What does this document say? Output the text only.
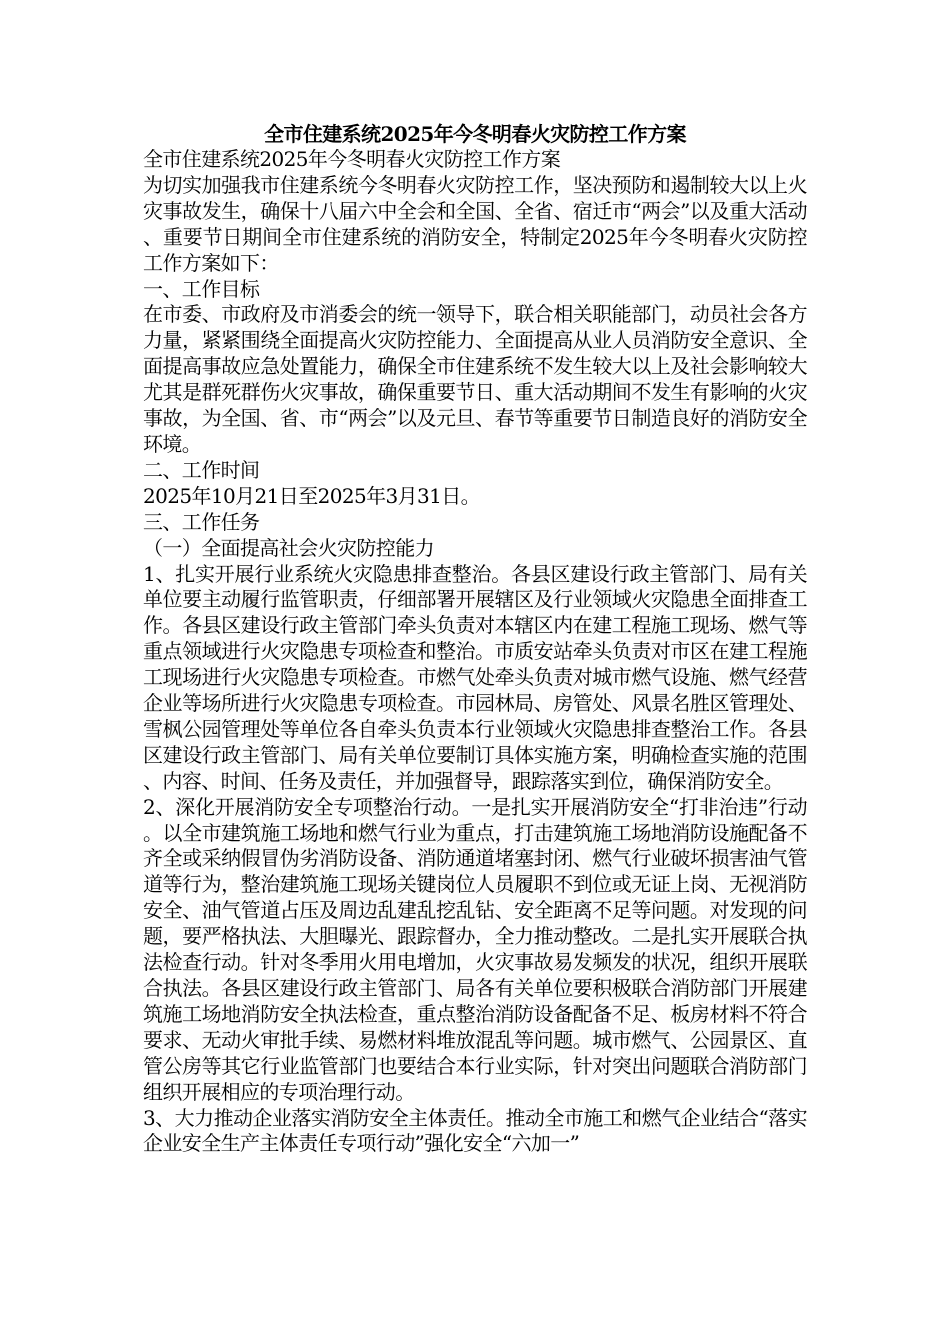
全市住建系统2025年今冬明春火灾防控工作方案

全市住建系统2025年今冬明春火灾防控工作方案

为切实加强我市住建系统今冬明春火灾防控工作，坚决预防和遏制较大以上火灾事故发生，确保十八届六中全会和全国、全省、宿迁市“两会”以及重大活动、重要节日期间全市住建系统的消防安全，特制定2025年今冬明春火灾防控工作方案如下：

一、工作目标

在市委、市政府及市消委会的统一领导下，联合相关职能部门，动员社会各方力量，紧紧围绕全面提高火灾防控能力、全面提高从业人员消防安全意识、全面提高事故应急处置能力，确保全市住建系统不发生较大以上及社会影响较大尤其是群死群伤火灾事故，确保重要节日、重大活动期间不发生有影响的火灾事故，为全国、省、市“两会”以及元旦、春节等重要节日制造良好的消防安全环境。

二、工作时间

2025年10月21日至2025年3月31日。

三、工作任务

（一）全面提高社会火灾防控能力

1、扎实开展行业系统火灾隐患排查整治。各县区建设行政主管部门、局有关单位要主动履行监管职责，仔细部署开展辖区及行业领域火灾隐患全面排查工作。各县区建设行政主管部门牵头负责对本辖区内在建工程施工现场、燃气等重点领域进行火灾隐患专项检查和整治。市质安站牵头负责对市区在建工程施工现场进行火灾隐患专项检查。市燃气处牵头负责对城市燃气设施、燃气经营企业等场所进行火灾隐患专项检查。市园林局、房管处、风景名胜区管理处、雪枫公园管理处等单位各自牵头负责本行业领域火灾隐患排查整治工作。各县区建设行政主管部门、局有关单位要制订具体实施方案，明确检查实施的范围、内容、时间、任务及责任，并加强督导，跟踪落实到位，确保消防安全。

2、深化开展消防安全专项整治行动。一是扎实开展消防安全“打非治违”行动。以全市建筑施工场地和燃气行业为重点，打击建筑施工场地消防设施配备不齐全或采纳假冒伪劣消防设备、消防通道堵塞封闭、燃气行业破坏损害油气管道等行为，整治建筑施工现场关键岗位人员履职不到位或无证上岗、无视消防安全、油气管道占压及周边乱建乱挖乱钻、安全距离不足等问题。对发现的问题，要严格执法、大胆曝光、跟踪督办，全力推动整改。二是扎实开展联合执法检查行动。针对冬季用火用电增加，火灾事故易发频发的状况，组织开展联合执法。各县区建设行政主管部门、局各有关单位要积极联合消防部门开展建筑施工场地消防安全执法检查，重点整治消防设备配备不足、板房材料不符合要求、无动火审批手续、易燃材料堆放混乱等问题。城市燃气、公园景区、直管公房等其它行业监管部门也要结合本行业实际，针对突出问题联合消防部门组织开展相应的专项治理行动。

3、大力推动企业落实消防安全主体责任。推动全市施工和燃气企业结合“落实企业安全生产主体责任专项行动”强化安全“六加一”
